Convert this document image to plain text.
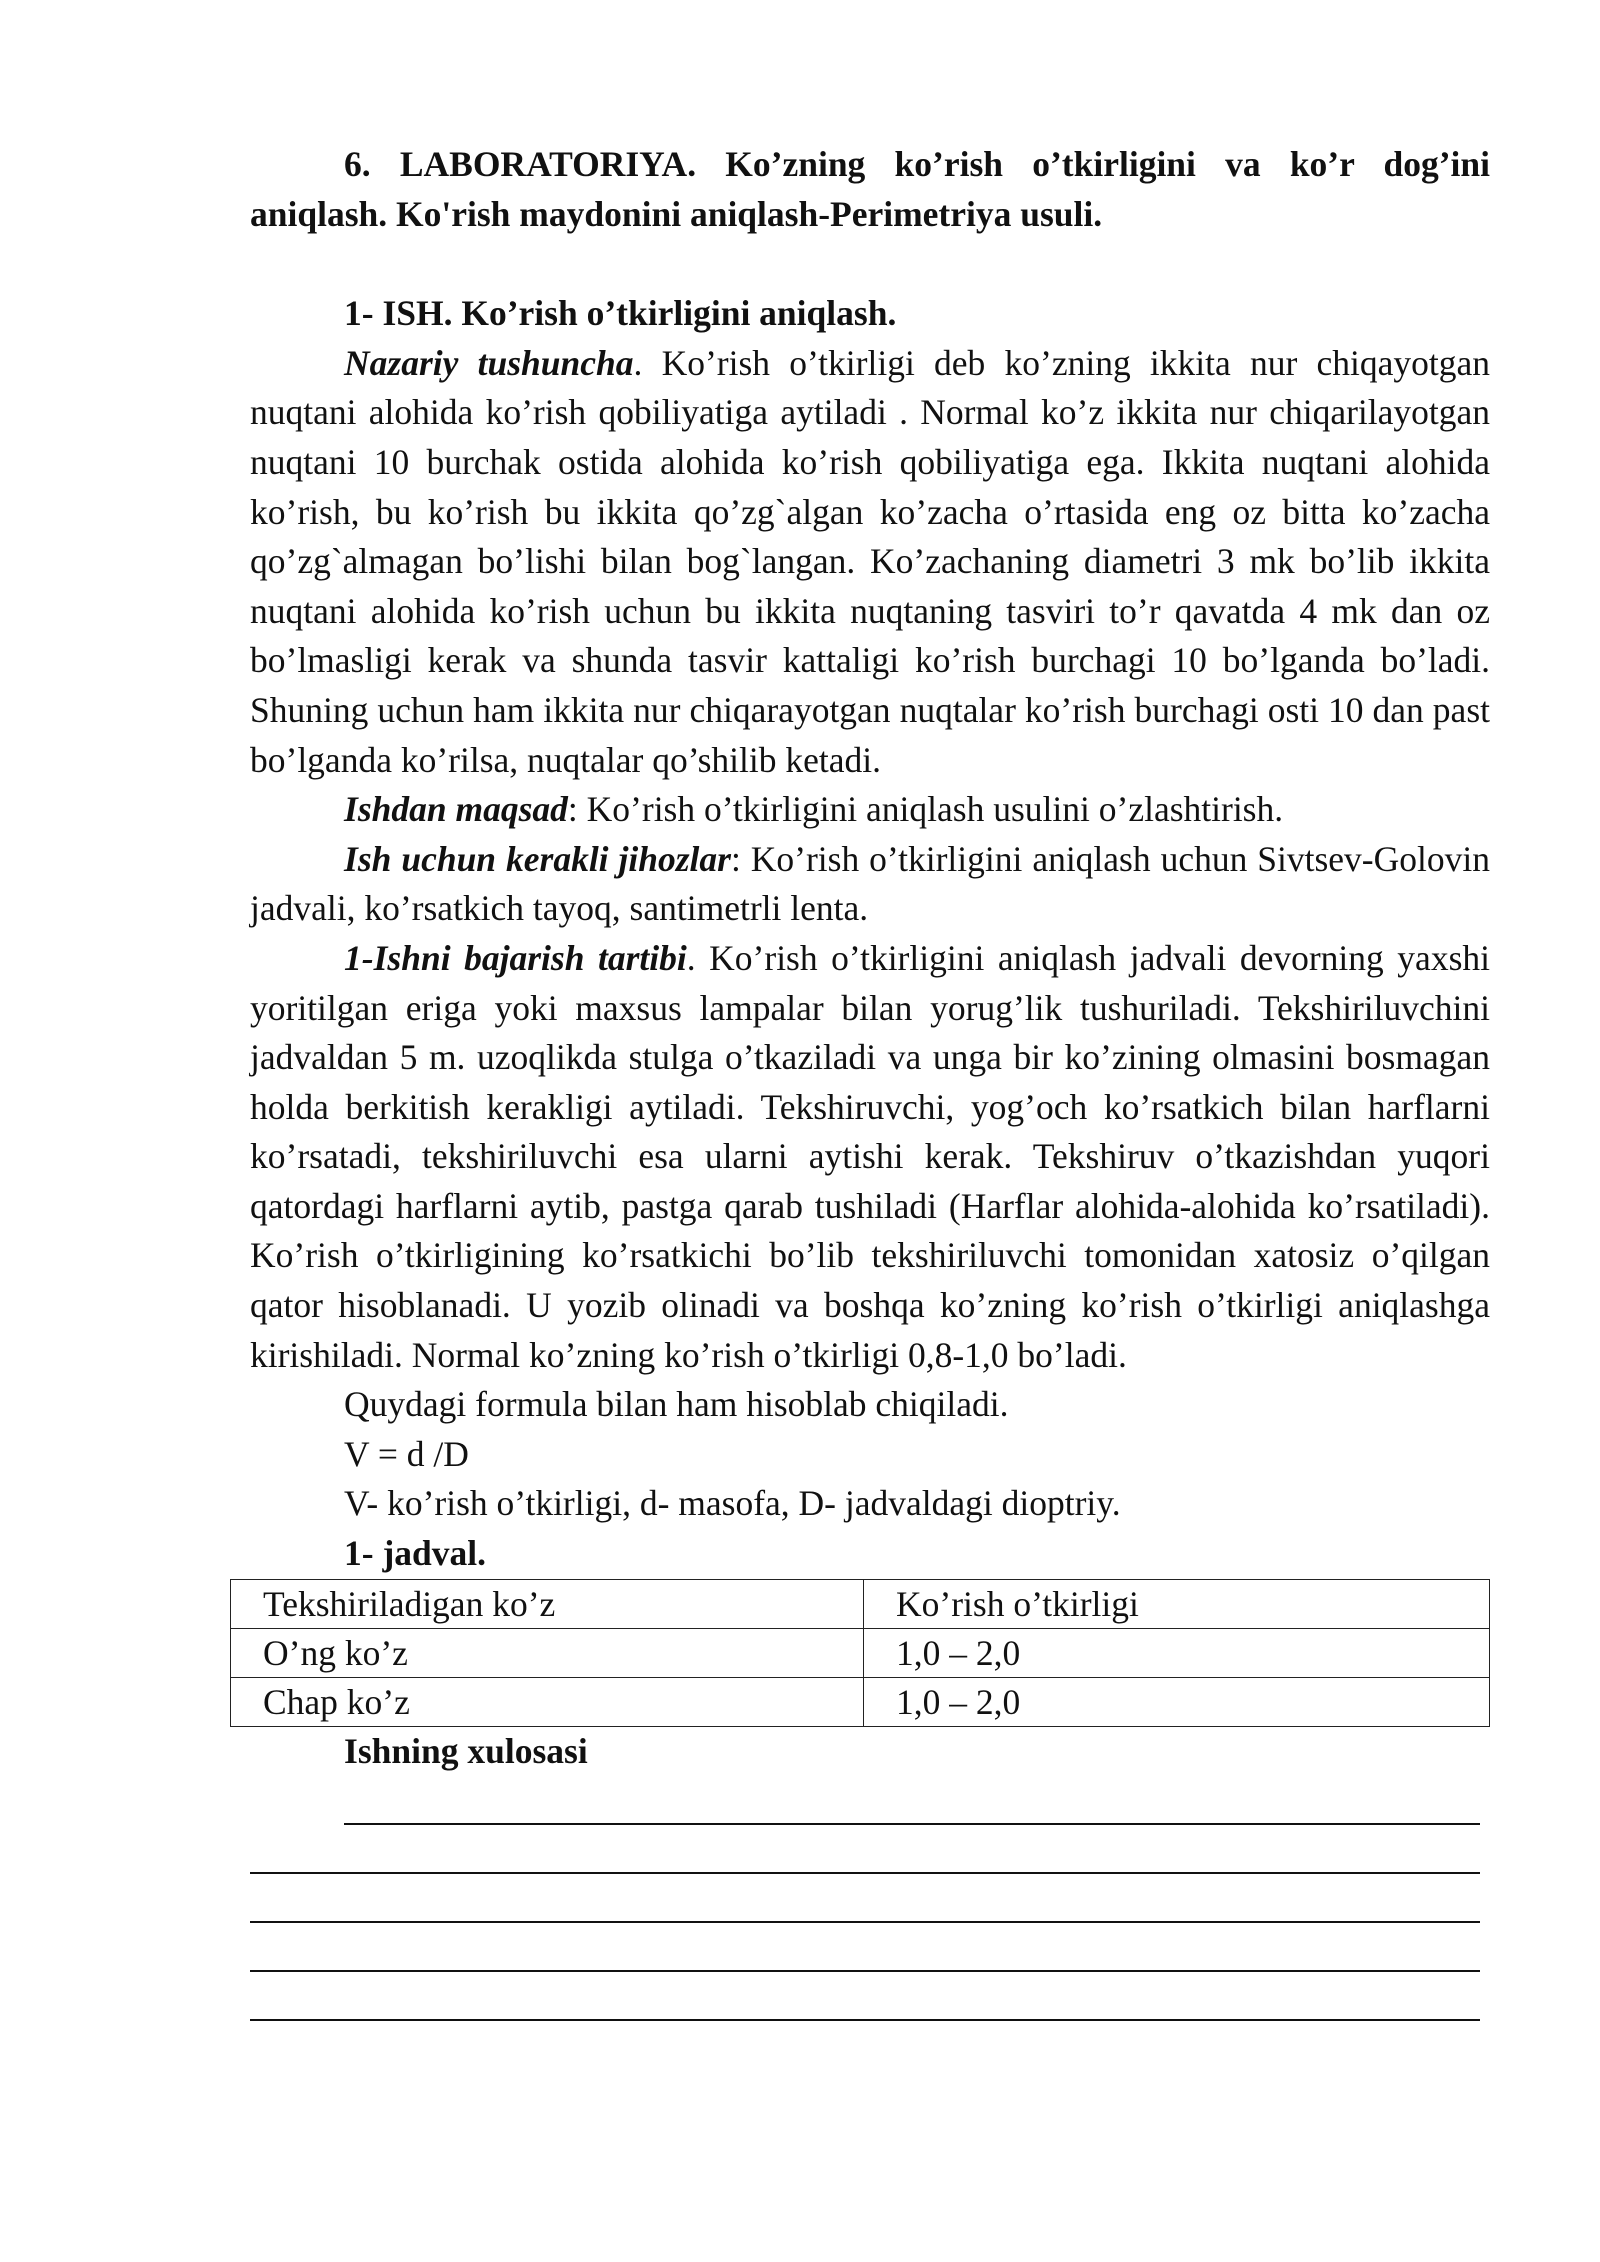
6. LABORATORIYA. Ko’zning ko’rish o’tkirligini va ko’r dog’ini aniqlash. Ko'rish maydonini aniqlash-Perimetriya usuli.

1- ISH. Ko’rish o’tkirligini aniqlash.

Nazariy tushuncha. Ko’rish o’tkirligi deb ko’zning ikkita nur chiqayotgan nuqtani alohida ko’rish qobiliyatiga aytiladi . Normal ko’z ikkita nur chiqarilayotgan nuqtani 10 burchak ostida alohida ko’rish qobiliyatiga ega. Ikkita nuqtani alohida ko’rish, bu ko’rish bu ikkita qo’zg`algan ko’zacha o’rtasida eng oz bitta ko’zacha qo’zg`almagan bo’lishi bilan bog`langan. Ko’zachaning diametri 3 mk bo’lib ikkita nuqtani alohida ko’rish uchun bu ikkita nuqtaning tasviri to’r qavatda 4 mk dan oz bo’lmasligi kerak va shunda tasvir kattaligi ko’rish burchagi 10 bo’lganda bo’ladi. Shuning uchun ham ikkita nur chiqarayotgan nuqtalar ko’rish burchagi osti 10 dan past bo’lganda ko’rilsa, nuqtalar qo’shilib ketadi.

Ishdan maqsad: Ko’rish o’tkirligini aniqlash usulini o’zlashtirish.

Ish uchun kerakli jihozlar: Ko’rish o’tkirligini aniqlash uchun Sivtsev-Golovin jadvali, ko’rsatkich tayoq, santimetrli lenta.

1-Ishni bajarish tartibi. Ko’rish o’tkirligini aniqlash jadvali devorning yaxshi yoritilgan eriga yoki maxsus lampalar bilan yorug’lik tushuriladi. Tekshiriluvchini jadvaldan 5 m. uzoqlikda stulga o’tkaziladi va unga bir ko’zining olmasini bosmagan holda berkitish kerakligi aytiladi. Tekshiruvchi, yog’och ko’rsatkich bilan harflarni ko’rsatadi, tekshiriluvchi esa ularni aytishi kerak. Tekshiruv o’tkazishdan yuqori qatordagi harflarni aytib, pastga qarab tushiladi (Harflar alohida-alohida ko’rsatiladi). Ko’rish o’tkirligining ko’rsatkichi bo’lib tekshiriluvchi tomonidan xatosiz o’qilgan qator hisoblanadi. U yozib olinadi va boshqa ko’zning ko’rish o’tkirligi aniqlashga kirishiladi. Normal ko’zning ko’rish o’tkirligi 0,8-1,0 bo’ladi.

Quydagi formula bilan ham hisoblab chiqiladi.

V = d /D

V- ko’rish o’tkirligi, d- masofa, D- jadvaldagi dioptriy.

1- jadval.

Tekshiriladigan ko’z	Ko’rish o’tkirligi
O’ng ko’z	1,0 – 2,0
Chap ko’z	1,0 – 2,0

Ishning xulosasi
